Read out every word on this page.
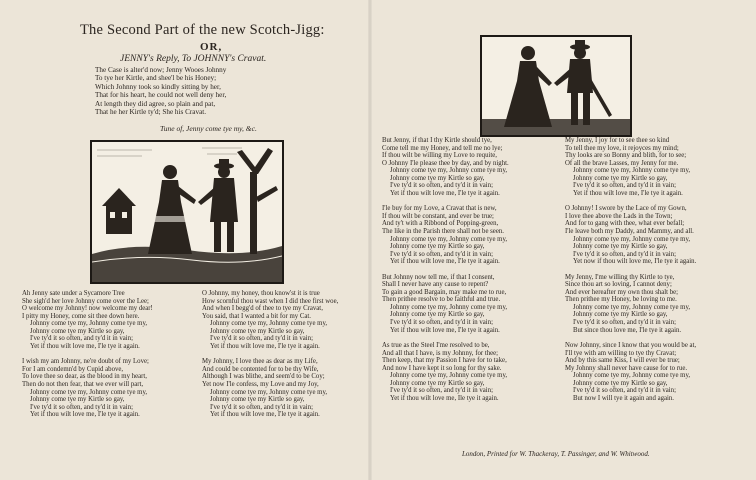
The Second Part of the new Scotch-Jigg:
OR,
JENNY's Reply, To JOHNNY's Cravat.
The Case is alter'd now; Jenny Wooes Johnny
To tye her Kirtle, and shee'l be his Honey;
Which Johnny took so kindly sitting by her,
That for his heart, he could not well deny her,
At length they did agree, so plain and pat,
That he her Kirtle ty'd; She his Cravat.
Tune of, Jenny come tye my, &c.
Ah Jenny sate under a Sycamore Tree
She sigh'd her love Johnny come over the Lee;
O welcome my Johnny! now welcome my dear!
I pitty my Honey, come sit thee down here.
Johnny come tye my, Johnny come tye my,
Johnny come tye my Kirtle so gay,
I've ty'd it so often, and ty'd it in vain;
Yet if thou wilt love me, I'le tye it again.
I wish my am Johnny, ne're doubt of my Love;
For I am condemn'd by Cupid above,
To love thee so dear, as the blood in my heart,
Then do not then fear, that we ever will part,
Johnny come tye my, Johnny come tye my,
Johnny come tye my Kirtle so gay,
I've ty'd it so often, and ty'd it in vain;
Yet if thou wilt love me, I'le tye it again.
O Johnny, my honey, thou know'st it is true
How scornful thou wast when I did thee first woe,
And when I begg'd of thee to tye my Cravat,
You said, that I wanted a bit for my Cat.
Johnny come tye my, Johnny come tye my,
Johnny come tye my Kirtle so gay,
I've ty'd it so often, and ty'd it in vain;
Yet if thou wilt love me, I'le tye it again.
My Johnny, I love thee as dear as my Life,
And could be contented for to be thy Wife,
Although I was blithe, and seem'd to be Coy;
Yet now I'le confess, my Love and my Joy,
Johnny come tye my, Johnny come tye my,
Johnny come tye my Kirtle so gay,
I've ty'd it so often, and ty'd it in vain;
Yet if thou wilt love me, I'le tye it again.
But Jenny, if that I thy Kirtle should tye,
Come tell me my Honey, and tell me no lye;
If thou wilt be willing my Love to requite,
O Johnny I'le please thee by day, and by night.
Johnny come tye my, Johnny come tye my,
Johnny come tye my Kirtle so gay,
I've ty'd it so often, and ty'd it in vain;
Yet if thou wilt love me, I'le tye it again.
I'le buy for my Love, a Cravat that is new,
If thou wilt be constant, and ever be true;
And ty't with a Ribbond of Popping-green,
The like in the Parish there shall not be seen.
Johnny come tye my, Johnny come tye my,
Johnny come tye my Kirtle so gay,
I've ty'd it so often, and ty'd it in vain;
Yet if thou wilt love me, I'le tye it again.
But Johnny now tell me, if that I consent,
Shall I never have any cause to repent?
To gain a good Bargain, may make me to rue,
Then prithee resolve to be faithful and true.
Johnny come tye my, Johnny come tye my,
Johnny come tye my Kirtle so gay,
I've ty'd it so often, and ty'd it in vain;
Yet if thou wilt love me, I'le tye it again.
As true as the Steel I'me resolved to be,
And all that I have, is my Johnny, for thee;
Then keep, that my Passion I have for to take,
And now I have kept it so long for thy sake.
Johnny come tye my, Johnny come tye my,
Johnny come tye my Kirtle so gay,
I've ty'd it so often, and ty'd it in vain;
Yet if thou wilt love me, Ile tye it again.
My Jenny, I joy for to see thee so kind
To tell thee my love, it rejoyces my mind;
Thy looks are so Bonny and blith, for to see;
Of all the brave Lasses, my Jenny for me.
Johnny come tye my, Johnny come tye my,
Johnny come tye my Kirtle so gay,
I've ty'd it so often, and ty'd it in vain;
Yet if thou wilt love me, I'le tye it again.
O Johnny! I swore by the Lace of my Gown,
I love thee above the Lads in the Town;
And for to gang with thee, what ever befall;
I'le leave both my Daddy, and Mammy, and all.
Johnny come tye my, Johnny come tye my,
Johnny come tye my Kirtle so gay,
I've ty'd it so often, and ty'd it in vain;
Yet now if thou wilt love me, I'le tye it again.
My Jenny, I'me willing thy Kirtle to tye,
Since thou art so loving, I cannot deny;
And ever hereafter my own thou shalt be;
Then prithee my Honey, be loving to me.
Johnny come tye my, Johnny come tye my,
Johnny come tye my Kirtle so gay,
I've ty'd it so often, and ty'd it in vain;
But since thou love me, I'le tye it again.
Now Johnny, since I know that you would be at,
I'll tye with am willing to tye thy Cravat;
And by this same Kiss, I will ever be true;
My Johnny shall never have cause for to rue.
Johnny come tye my, Johnny come tye my,
Johnny come tye my Kirtle so gay,
I've ty'd it so often, and ty'd it in vain;
But now I will tye it again and again.
London, Printed for W. Thackeray, T. Passinger, and W. Whitwood.
